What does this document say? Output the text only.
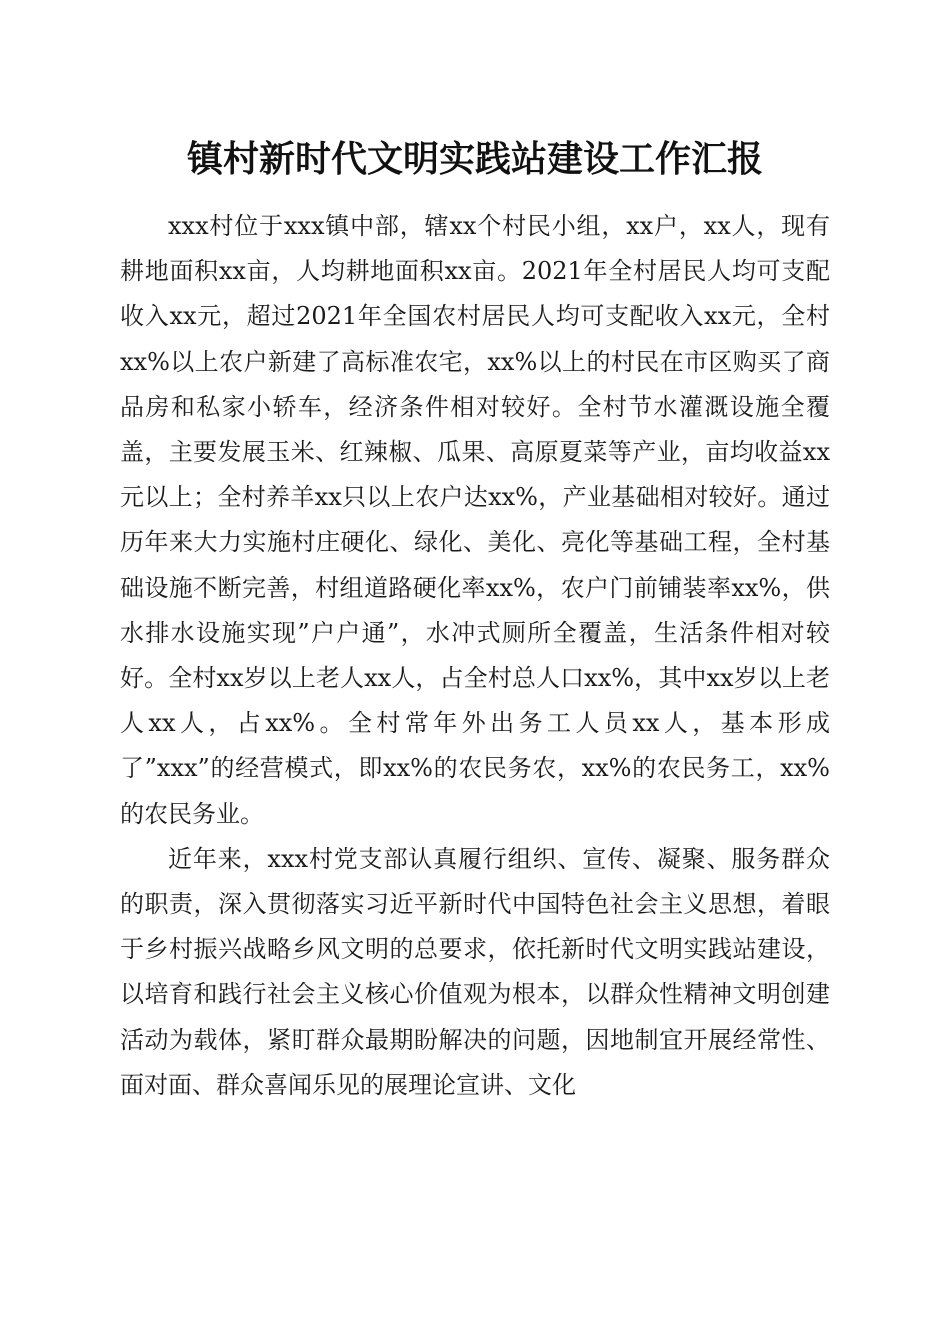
镇村新时代文明实践站建设工作汇报

xxx村位于xxx镇中部，辖xx个村民小组，xx户，xx人，现有耕地面积xx亩，人均耕地面积xx亩。2021年全村居民人均可支配收入xx元，超过2021年全国农村居民人均可支配收入xx元，全村xx%以上农户新建了高标准农宅，xx%以上的村民在市区购买了商品房和私家小轿车，经济条件相对较好。全村节水灌溉设施全覆盖，主要发展玉米、红辣椒、瓜果、高原夏菜等产业，亩均收益xx元以上；全村养羊xx只以上农户达xx%，产业基础相对较好。通过历年来大力实施村庄硬化、绿化、美化、亮化等基础工程，全村基础设施不断完善，村组道路硬化率xx%，农户门前铺装率xx%，供水排水设施实现”户户通”，水冲式厕所全覆盖，生活条件相对较好。全村xx岁以上老人xx人，占全村总人口xx%，其中xx岁以上老人xx人，占xx%。全村常年外出务工人员xx人，基本形成了”xxx”的经营模式，即xx%的农民务农，xx%的农民务工，xx%的农民务业。

近年来，xxx村党支部认真履行组织、宣传、凝聚、服务群众的职责，深入贯彻落实习近平新时代中国特色社会主义思想，着眼于乡村振兴战略乡风文明的总要求，依托新时代文明实践站建设，以培育和践行社会主义核心价值观为根本，以群众性精神文明创建活动为载体，紧盯群众最期盼解决的问题，因地制宜开展经常性、面对面、群众喜闻乐见的展理论宣讲、文化
